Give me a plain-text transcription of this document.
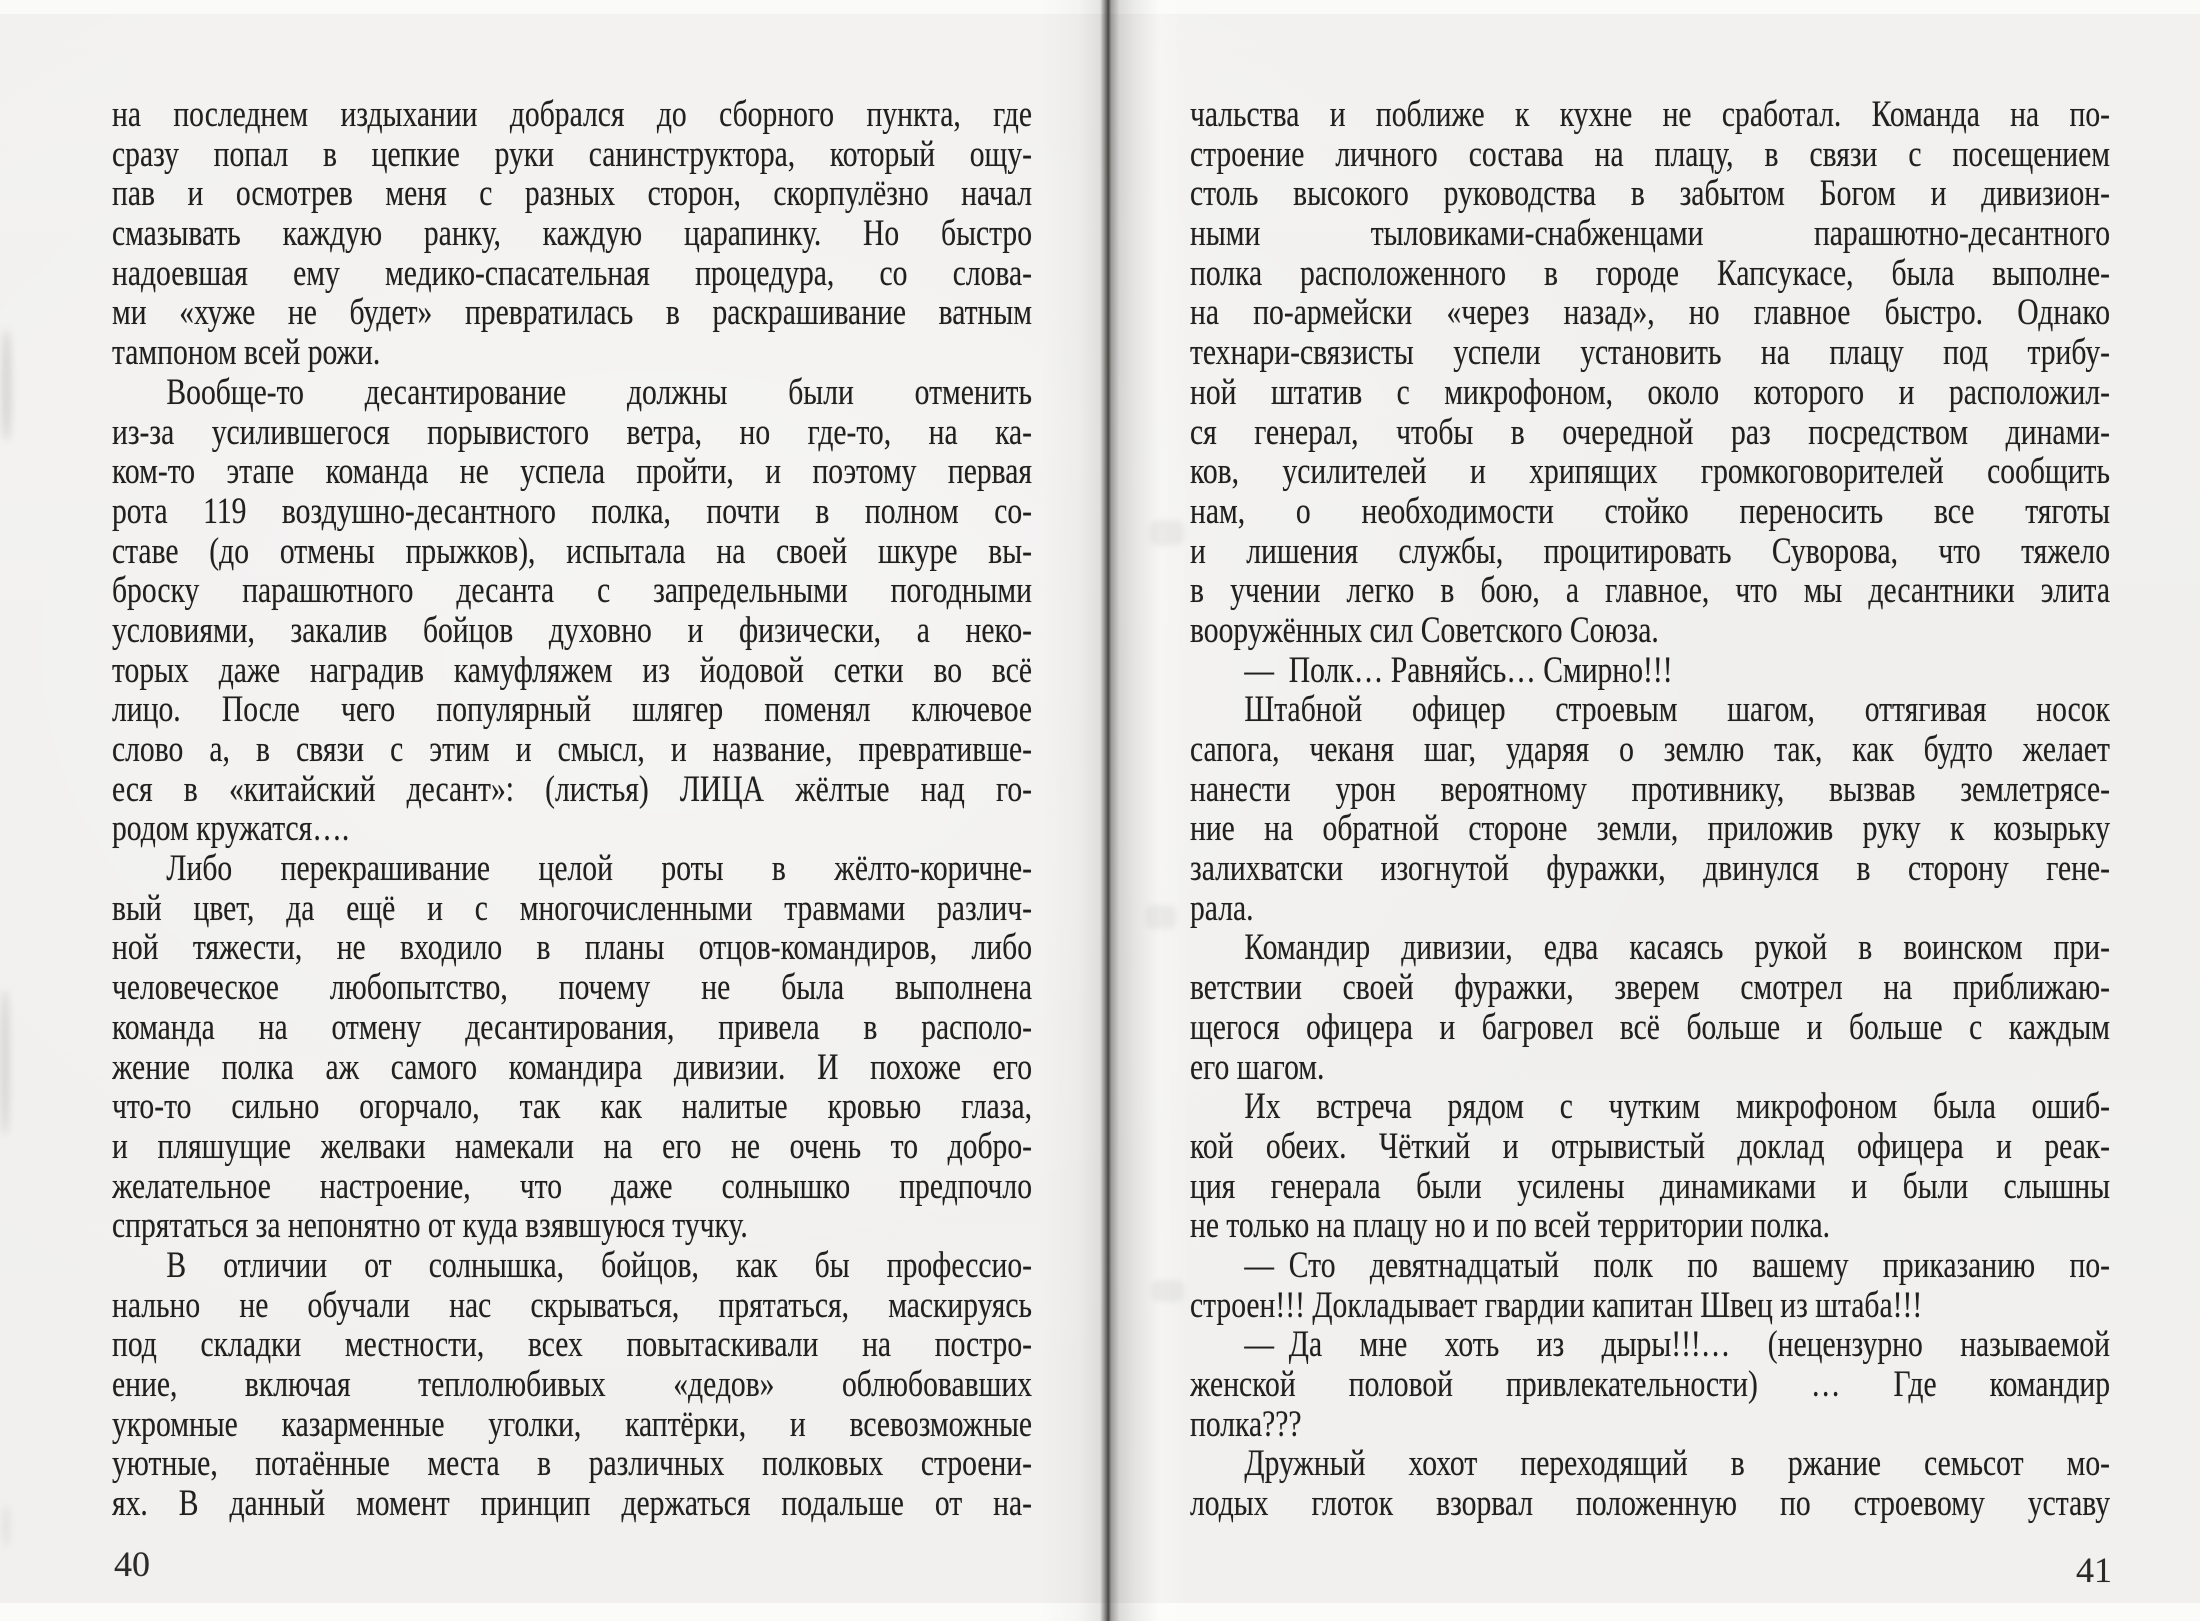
на последнем издыхании добрался до сборного пункта, где
сразу попал в цепкие руки санинструктора, который ощу-
пав и осмотрев меня с разных сторон, скорпулёзно начал
смазывать каждую ранку, каждую царапинку. Но быстро
надоевшая ему медико-спасательная процедура, со слова-
ми «хуже не будет» превратилась в раскрашивание ватным
тампоном всей рожи.
Вообще-то десантирование должны были отменить
из-за усилившегося порывистого ветра, но где-то, на ка-
ком-то этапе команда не успела пройти, и поэтому первая
рота 119 воздушно-десантного полка, почти в полном со-
ставе (до отмены прыжков), испытала на своей шкуре вы-
броску парашютного десанта с запредельными погодными
условиями, закалив бойцов духовно и физически, а неко-
торых даже наградив камуфляжем из йодовой сетки во всё
лицо. После чего популярный шлягер поменял ключевое
слово а, в связи с этим и смысл, и название, превративше-
еся в «китайский десант»: (листья) ЛИЦА жёлтые над го-
родом кружатся….
Либо перекрашивание целой роты в жёлто-коричне-
вый цвет, да ещё и с многочисленными травмами различ-
ной тяжести, не входило в планы отцов-командиров, либо
человеческое любопытство, почему не была выполнена
команда на отмену десантирования, привела в располо-
жение полка аж самого командира дивизии. И похоже его
что-то сильно огорчало, так как налитые кровью глаза,
и пляшущие желваки намекали на его не очень то добро-
желательное настроение, что даже солнышко предпочло
спрятаться за непонятно от куда взявшуюся тучку.
В отличии от солнышка, бойцов, как бы профессио-
нально не обучали нас скрываться, прятаться, маскируясь
под складки местности, всех повытаскивали на постро-
ение, включая теплолюбивых «дедов» облюбовавших
укромные казарменные уголки, каптёрки, и всевозможные
уютные, потаённые места в различных полковых строени-
ях. В данный момент принцип держаться подальше от на-
чальства и поближе к кухне не сработал. Команда на по-
строение личного состава на плацу, в связи с посещением
столь высокого руководства в забытом Богом и дивизион-
ными тыловиками-снабженцами парашютно-десантного
полка расположенного в городе Капсукасе, была выполне-
на по-армейски «через назад», но главное быстро. Однако
технари-связисты успели установить на плацу под трибу-
ной штатив с микрофоном, около которого и расположил-
ся генерал, чтобы в очередной раз посредством динами-
ков, усилителей и хрипящих громкоговорителей сообщить
нам, о необходимости стойко переносить все тяготы
и лишения службы, процитировать Суворова, что тяжело
в учении легко в бою, а главное, что мы десантники элита
вооружённых сил Советского Союза.
— Полк… Равняйсь… Смирно!!!
Штабной офицер строевым шагом, оттягивая носок
сапога, чеканя шаг, ударяя о землю так, как будто желает
нанести урон вероятному противнику, вызвав землетрясе-
ние на обратной стороне земли, приложив руку к козырьку
залихватски изогнутой фуражки, двинулся в сторону гене-
рала.
Командир дивизии, едва касаясь рукой в воинском при-
ветствии своей фуражки, зверем смотрел на приближаю-
щегося офицера и багровел всё больше и больше с каждым
его шагом.
Их встреча рядом с чутким микрофоном была ошиб-
кой обеих. Чёткий и отрывистый доклад офицера и реак-
ция генерала были усилены динамиками и были слышны
не только на плацу но и по всей территории полка.
— Сто девятнадцатый полк по вашему приказанию по-
строен!!! Докладывает гвардии капитан Швец из штаба!!!
— Да мне хоть из дыры!!!… (нецензурно называемой
женской половой привлекательности) … Где командир
полка???
Дружный хохот переходящий в ржание семьсот мо-
лодых глоток взорвал положенную по строевому уставу
40	41
